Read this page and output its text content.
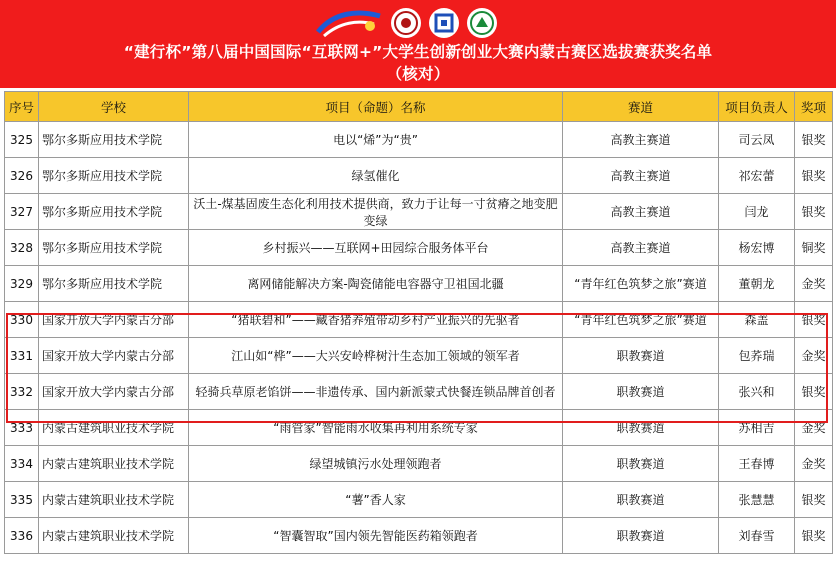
“建行杯”第八届中国国际“互联网+”大学生创新创业大赛内蒙古赛区选拔赛获奖名单
（核对）
序号	学校	项目（命题）名称	赛道	项目负责人	奖项
325	鄂尔多斯应用技术学院	电以“烯”为“贵”	高教主赛道	司云凤	银奖
326	鄂尔多斯应用技术学院	绿氢催化	高教主赛道	祁宏蕾	银奖
327	鄂尔多斯应用技术学院	沃土-煤基固废生态化利用技术提供商，致力于让每一寸贫瘠之地变肥变绿	高教主赛道	闫龙	银奖
328	鄂尔多斯应用技术学院	乡村振兴——互联网+田园综合服务体平台	高教主赛道	杨宏博	铜奖
329	鄂尔多斯应用技术学院	离网储能解决方案-陶瓷储能电容器守卫祖国北疆	“青年红色筑梦之旅”赛道	董朝龙	金奖
330	国家开放大学内蒙古分部	“猪联碧和”——藏香猪养殖带动乡村产业振兴的先驱者	“青年红色筑梦之旅”赛道	森盖	银奖
331	国家开放大学内蒙古分部	江山如“桦”——大兴安岭桦树汁生态加工领域的领军者	职教赛道	包荞瑞	金奖
332	国家开放大学内蒙古分部	轻骑兵草原老馅饼——非遗传承、国内新派蒙式快餐连锁品牌首创者	职教赛道	张兴和	银奖
333	内蒙古建筑职业技术学院	“雨管家”智能雨水收集再利用系统专家	职教赛道	苏相吉	金奖
334	内蒙古建筑职业技术学院	绿望城镇污水处理领跑者	职教赛道	王春博	金奖
335	内蒙古建筑职业技术学院	“薯”香人家	职教赛道	张慧慧	银奖
336	内蒙古建筑职业技术学院	“智囊智取”国内领先智能医药箱领跑者	职教赛道	刘春雪	银奖
